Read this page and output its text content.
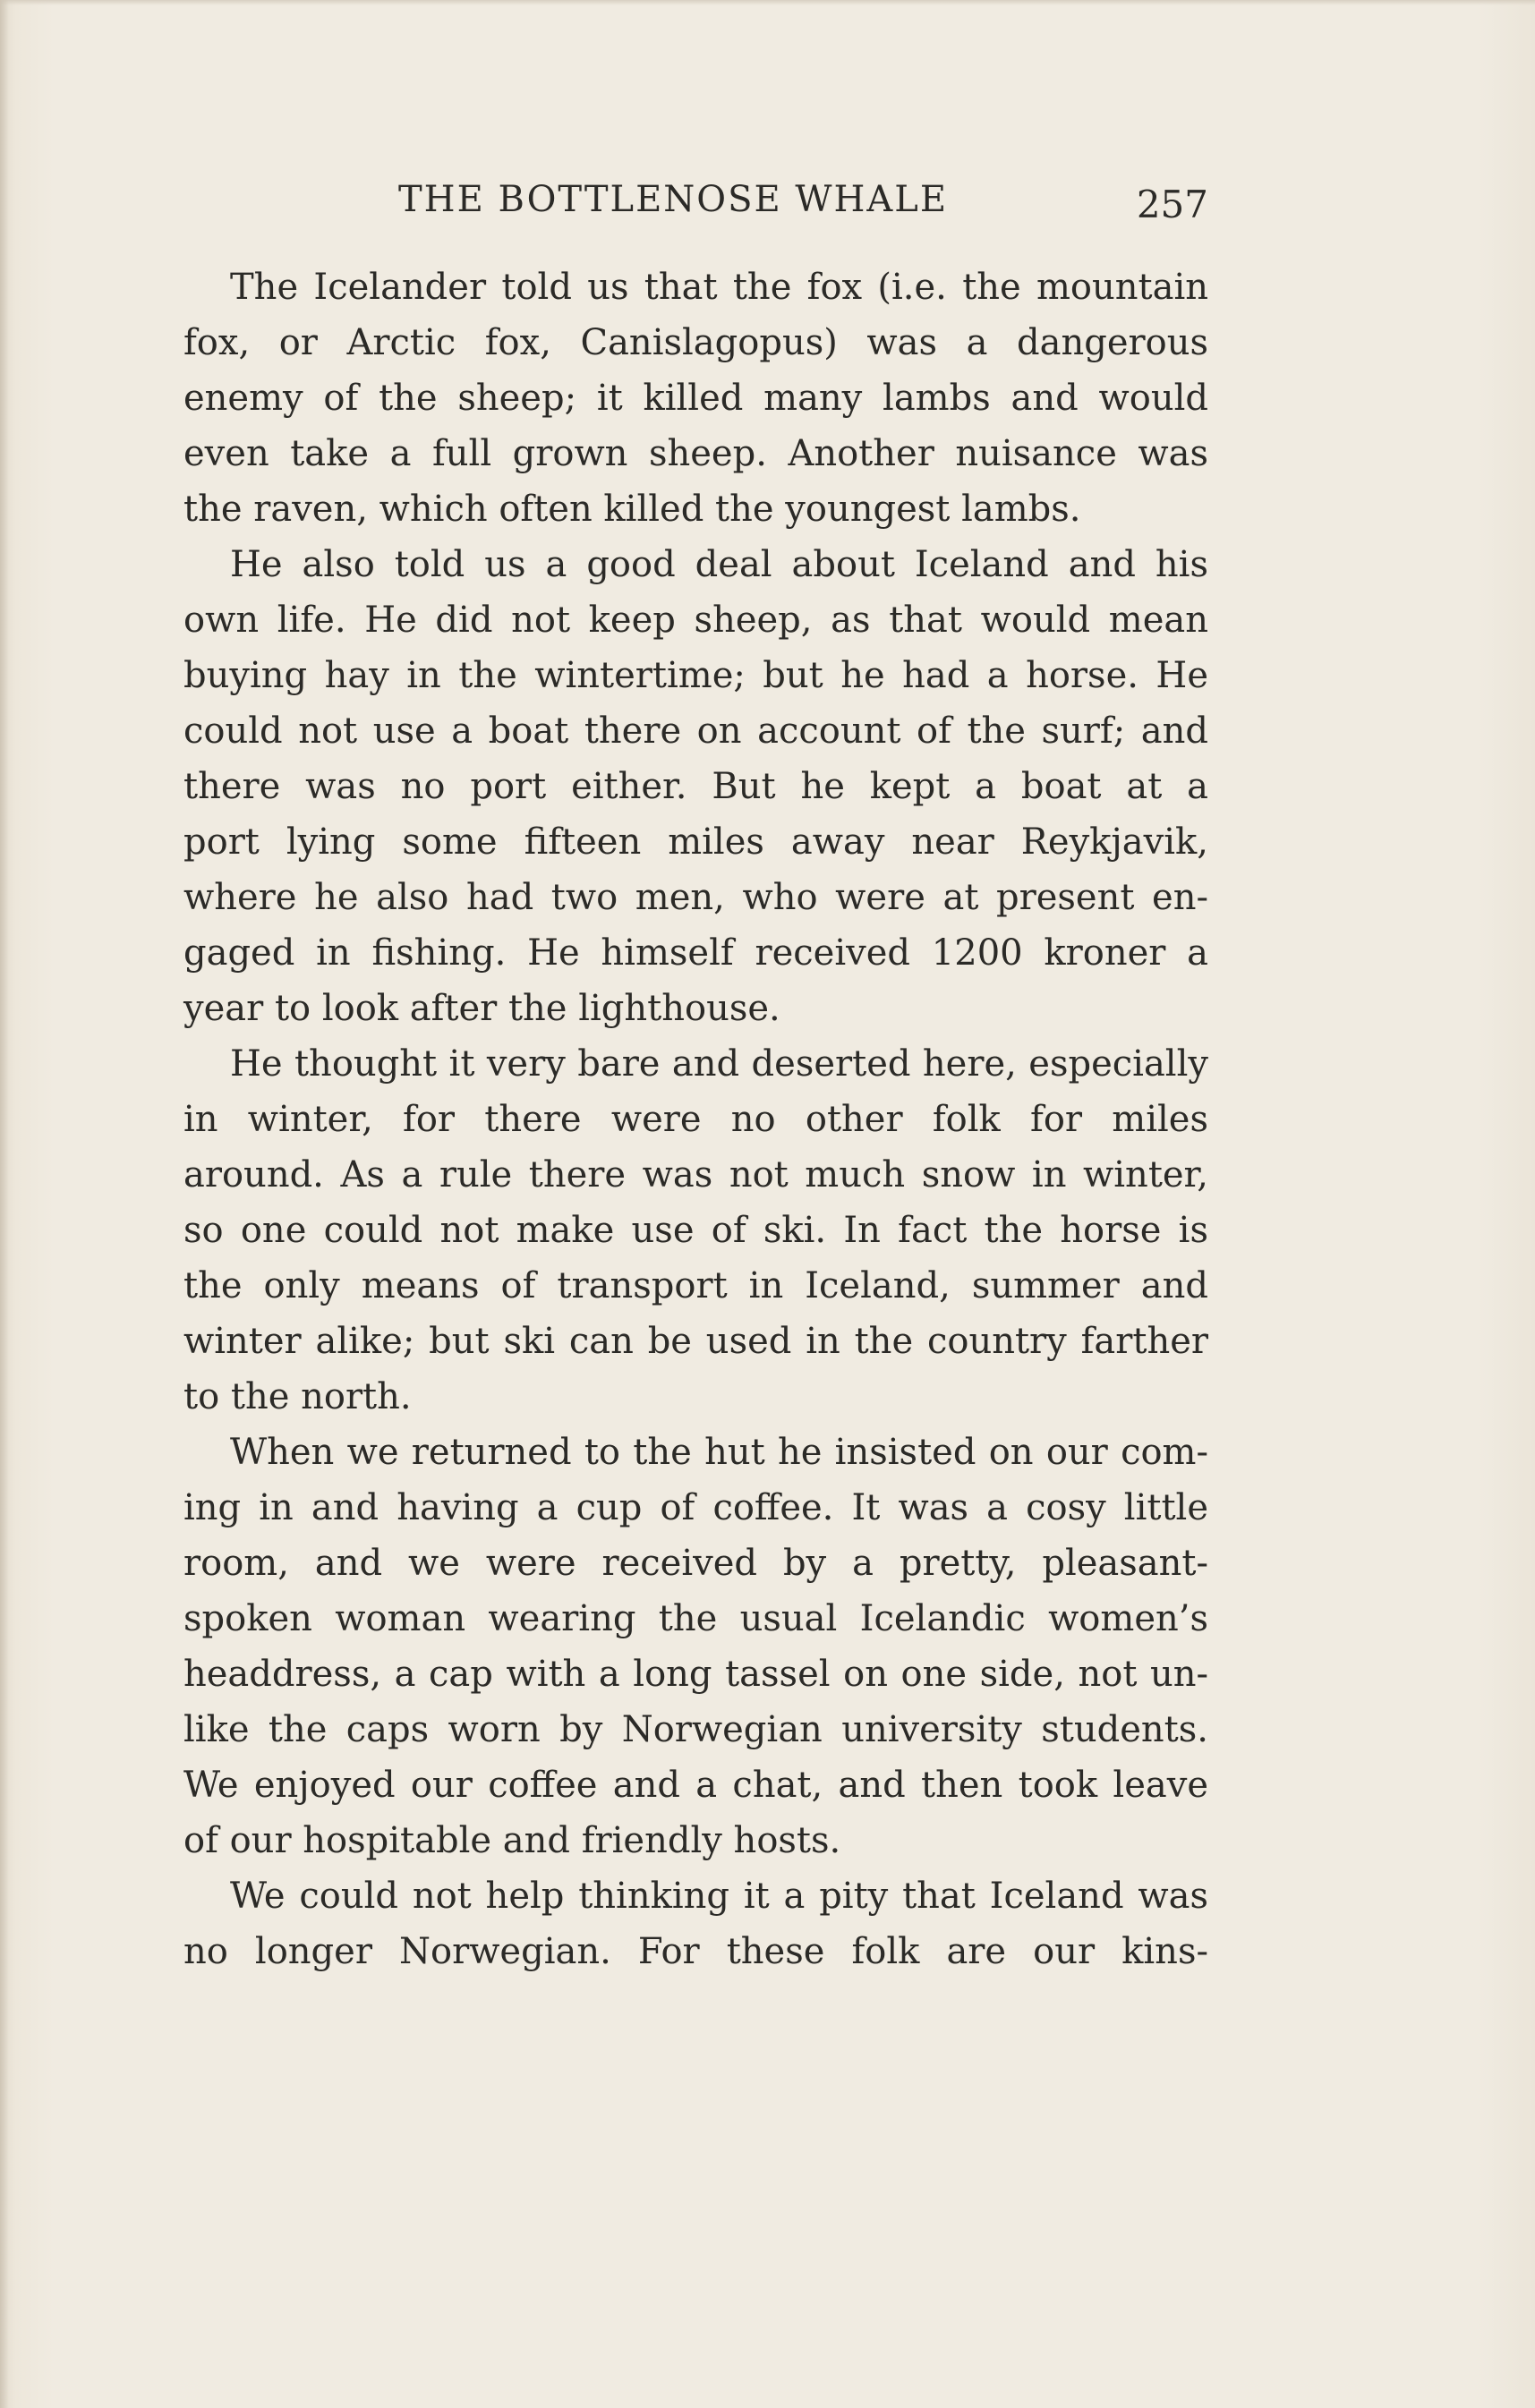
THE BOTTLENOSE WHALE	257
The Icelander told us that the fox (i.e. the mountain
fox, or Arctic fox, Canislagopus) was a dangerous
enemy of the sheep; it killed many lambs and would
even take a full grown sheep. Another nuisance was
the raven, which often killed the youngest lambs.
He also told us a good deal about Iceland and his
own life. He did not keep sheep, as that would mean
buying hay in the wintertime; but he had a horse. He
could not use a boat there on account of the surf; and
there was no port either. But he kept a boat at a
port lying some fifteen miles away near Reykjavik,
where he also had two men, who were at present en-
gaged in fishing. He himself received 1200 kroner a
year to look after the lighthouse.
He thought it very bare and deserted here, especially
in winter, for there were no other folk for miles
around. As a rule there was not much snow in winter,
so one could not make use of ski. In fact the horse is
the only means of transport in Iceland, summer and
winter alike; but ski can be used in the country farther
to the north.
When we returned to the hut he insisted on our com-
ing in and having a cup of coffee. It was a cosy little
room, and we were received by a pretty, pleasant-
spoken woman wearing the usual Icelandic women’s
headdress, a cap with a long tassel on one side, not un-
like the caps worn by Norwegian university students.
We enjoyed our coffee and a chat, and then took leave
of our hospitable and friendly hosts.
We could not help thinking it a pity that Iceland was
no longer Norwegian. For these folk are our kins-
